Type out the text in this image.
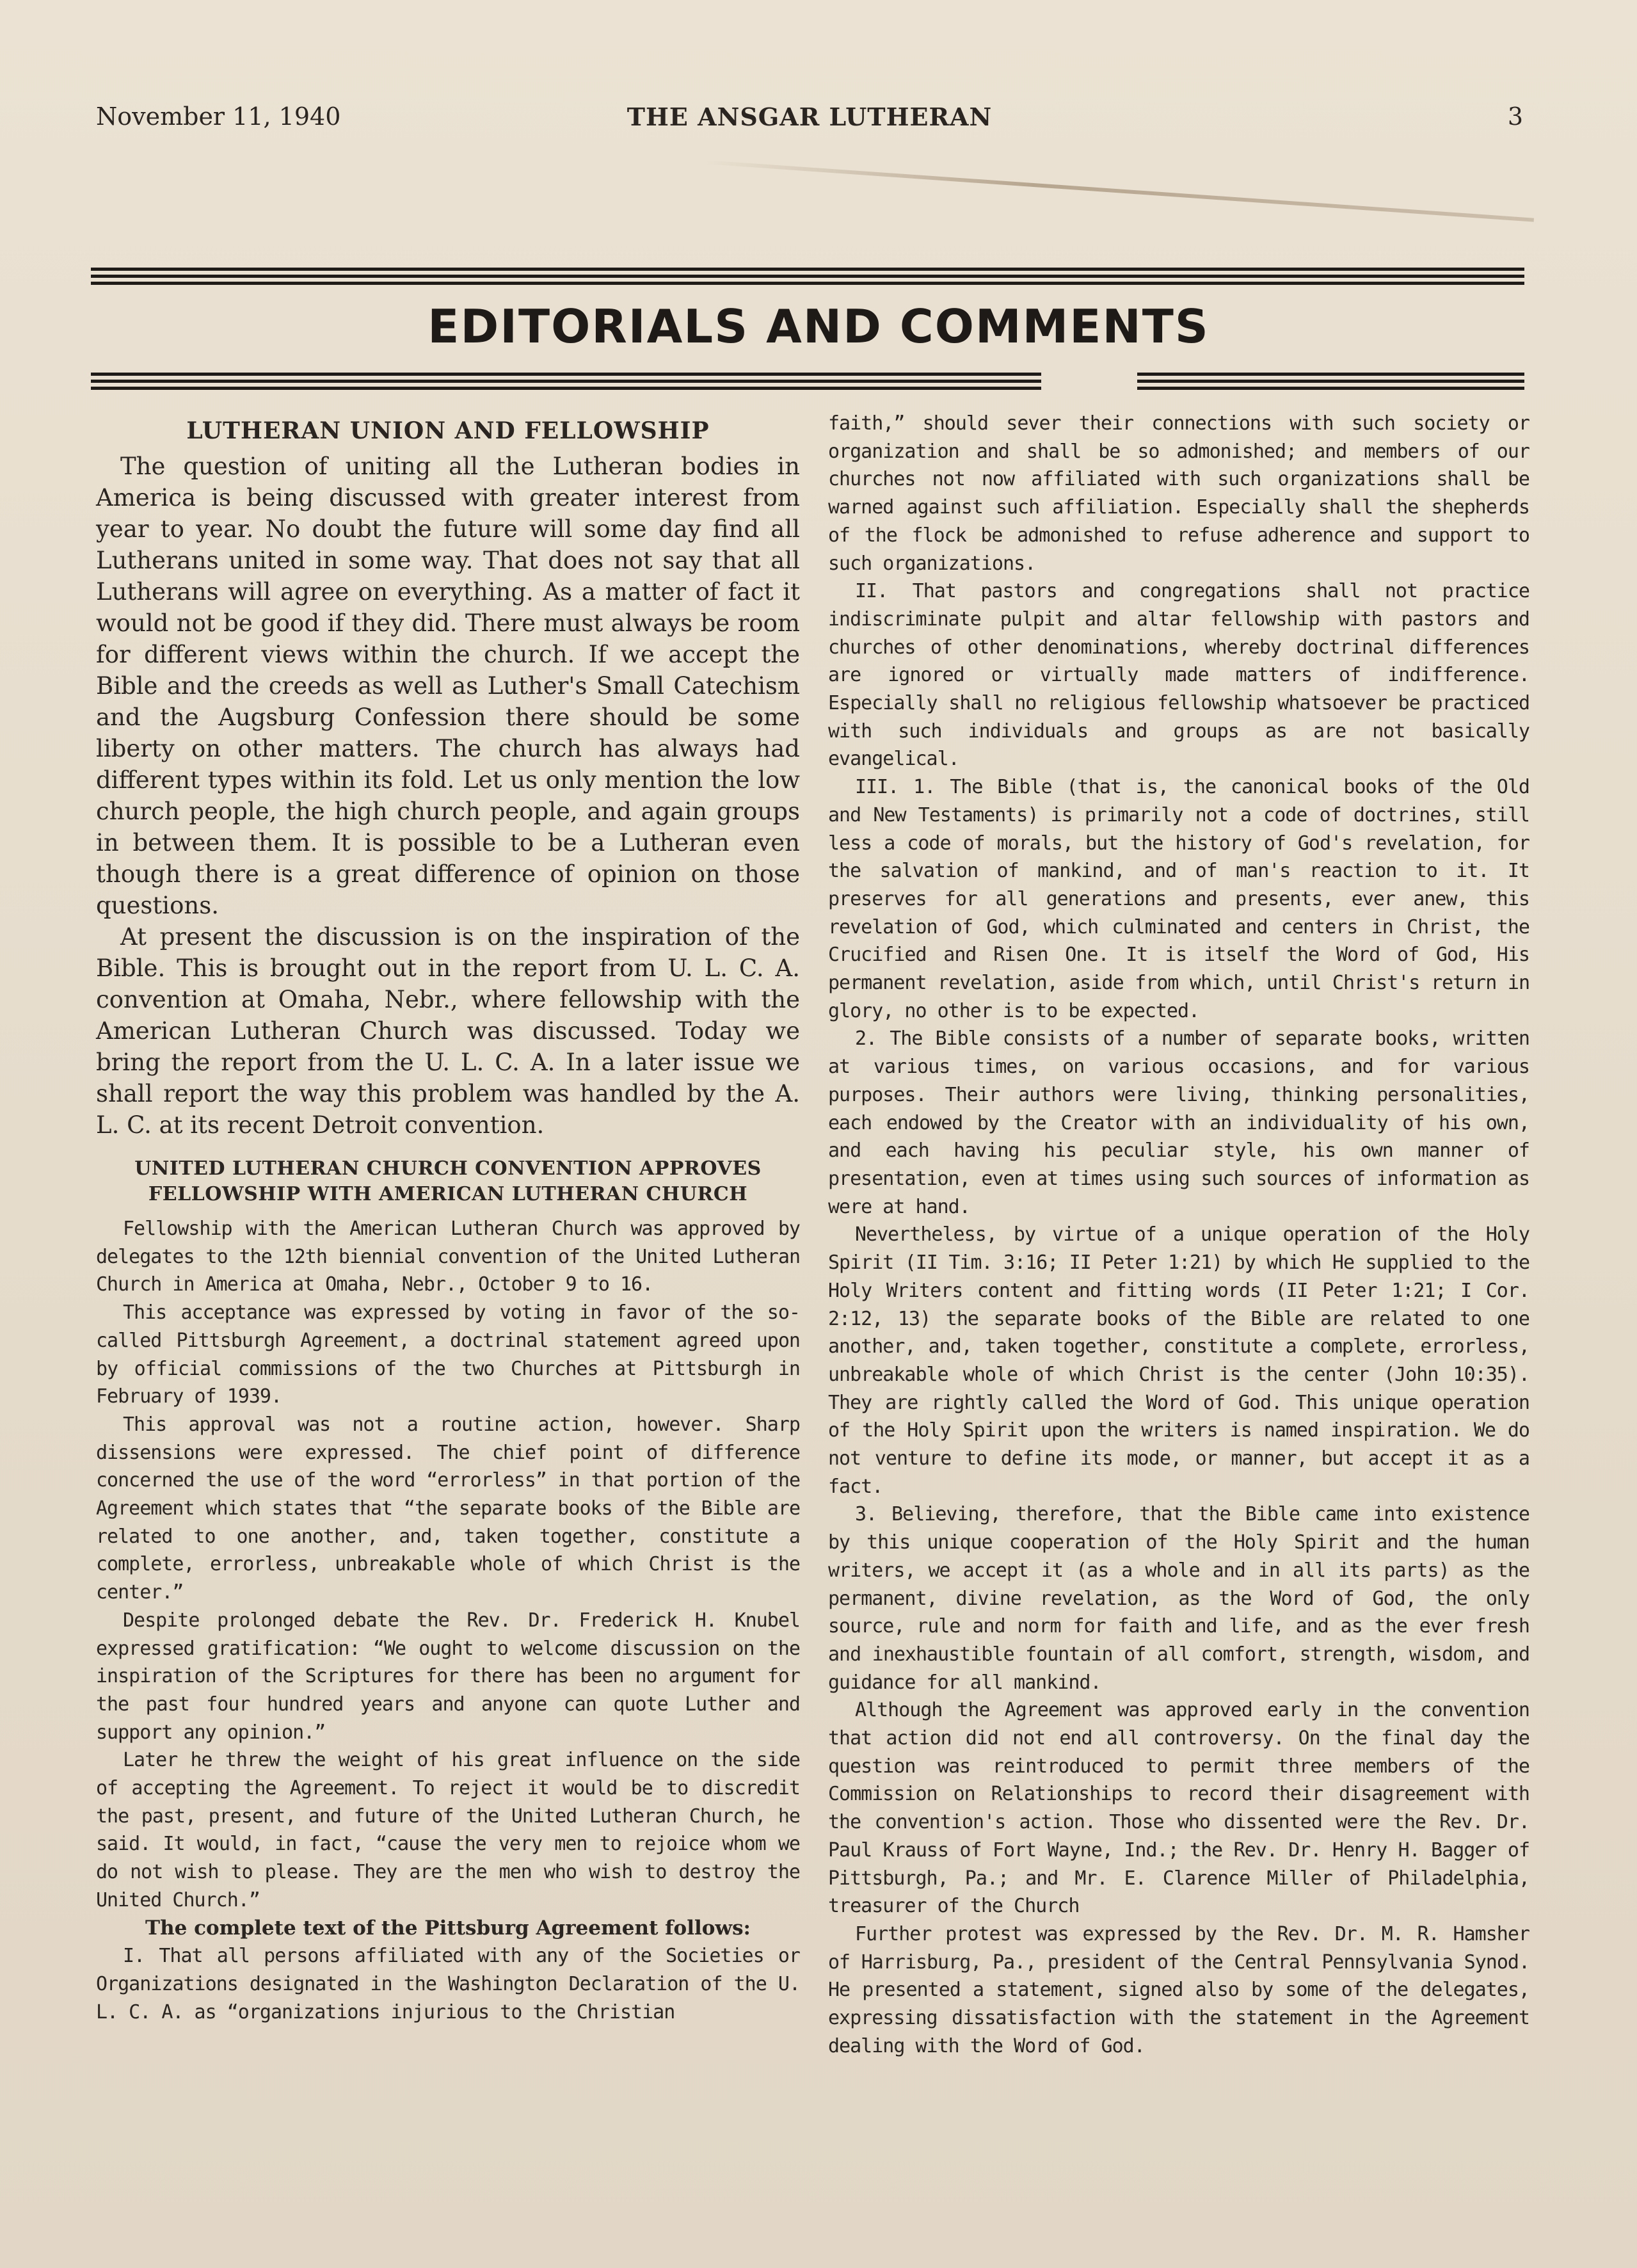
November 11, 1940	THE ANSGAR LUTHERAN	3
EDITORIALS AND COMMENTS
LUTHERAN UNION AND FELLOWSHIP

The question of uniting all the Lutheran bodies in America is being discussed with greater interest from year to year. No doubt the future will some day find all Lutherans united in some way. That does not say that all Lutherans will agree on everything. As a matter of fact it would not be good if they did. There must always be room for different views within the church. If we accept the Bible and the creeds as well as Luther's Small Catechism and the Augsburg Confession there should be some liberty on other matters. The church has always had different types within its fold. Let us only mention the low church people, the high church people, and again groups in between them. It is possible to be a Lutheran even though there is a great difference of opinion on those questions.

At present the discussion is on the inspiration of the Bible. This is brought out in the report from U. L. C. A. convention at Omaha, Nebr., where fellowship with the American Lutheran Church was discussed. Today we bring the report from the U. L. C. A. In a later issue we shall report the way this problem was handled by the A. L. C. at its recent Detroit convention.

UNITED LUTHERAN CHURCH CONVENTION APPROVES FELLOWSHIP WITH AMERICAN LUTHERAN CHURCH

Fellowship with the American Lutheran Church was approved by delegates to the 12th biennial convention of the United Lutheran Church in America at Omaha, Nebr., October 9 to 16.

This acceptance was expressed by voting in favor of the so-called Pittsburgh Agreement, a doctrinal statement agreed upon by official commissions of the two Churches at Pittsburgh in February of 1939.

This approval was not a routine action, however. Sharp dissensions were expressed. The chief point of difference concerned the use of the word “errorless” in that portion of the Agreement which states that “the separate books of the Bible are related to one another, and, taken together, constitute a complete, errorless, unbreakable whole of which Christ is the center.”

Despite prolonged debate the Rev. Dr. Frederick H. Knubel expressed gratification: “We ought to welcome discussion on the inspiration of the Scriptures for there has been no argument for the past four hundred years and anyone can quote Luther and support any opinion.”

Later he threw the weight of his great influence on the side of accepting the Agreement. To reject it would be to discredit the past, present, and future of the United Lutheran Church, he said. It would, in fact, “cause the very men to rejoice whom we do not wish to please. They are the men who wish to destroy the United Church.”

The complete text of the Pittsburg Agreement follows:

I. That all persons affiliated with any of the Societies or Organizations designated in the Washington Declaration of the U. L. C. A. as “organizations injurious to the Christian

faith,” should sever their connections with such society or organization and shall be so admonished; and members of our churches not now affiliated with such organizations shall be warned against such affiliation. Especially shall the shepherds of the flock be admonished to refuse adherence and support to such organizations.

II. That pastors and congregations shall not practice indiscriminate pulpit and altar fellowship with pastors and churches of other denominations, whereby doctrinal differences are ignored or virtually made matters of indifference. Especially shall no religious fellowship whatsoever be practiced with such individuals and groups as are not basically evangelical.

III. 1. The Bible (that is, the canonical books of the Old and New Testaments) is primarily not a code of doctrines, still less a code of morals, but the history of God's revelation, for the salvation of mankind, and of man's reaction to it. It preserves for all generations and presents, ever anew, this revelation of God, which culminated and centers in Christ, the Crucified and Risen One. It is itself the Word of God, His permanent revelation, aside from which, until Christ's return in glory, no other is to be expected.

2. The Bible consists of a number of separate books, written at various times, on various occasions, and for various purposes. Their authors were living, thinking personalities, each endowed by the Creator with an individuality of his own, and each having his peculiar style, his own manner of presentation, even at times using such sources of information as were at hand.

Nevertheless, by virtue of a unique operation of the Holy Spirit (II Tim. 3:16; II Peter 1:21) by which He supplied to the Holy Writers content and fitting words (II Peter 1:21; I Cor. 2:12, 13) the separate books of the Bible are related to one another, and, taken together, constitute a complete, errorless, unbreakable whole of which Christ is the center (John 10:35). They are rightly called the Word of God. This unique operation of the Holy Spirit upon the writers is named inspiration. We do not venture to define its mode, or manner, but accept it as a fact.

3. Believing, therefore, that the Bible came into existence by this unique cooperation of the Holy Spirit and the human writers, we accept it (as a whole and in all its parts) as the permanent, divine revelation, as the Word of God, the only source, rule and norm for faith and life, and as the ever fresh and inexhaustible fountain of all comfort, strength, wisdom, and guidance for all mankind.

Although the Agreement was approved early in the convention that action did not end all controversy. On the final day the question was reintroduced to permit three members of the Commission on Relationships to record their disagreement with the convention's action. Those who dissented were the Rev. Dr. Paul Krauss of Fort Wayne, Ind.; the Rev. Dr. Henry H. Bagger of Pittsburgh, Pa.; and Mr. E. Clarence Miller of Philadelphia, treasurer of the Church

Further protest was expressed by the Rev. Dr. M. R. Hamsher of Harrisburg, Pa., president of the Central Pennsylvania Synod. He presented a statement, signed also by some of the delegates, expressing dissatisfaction with the statement in the Agreement dealing with the Word of God.
